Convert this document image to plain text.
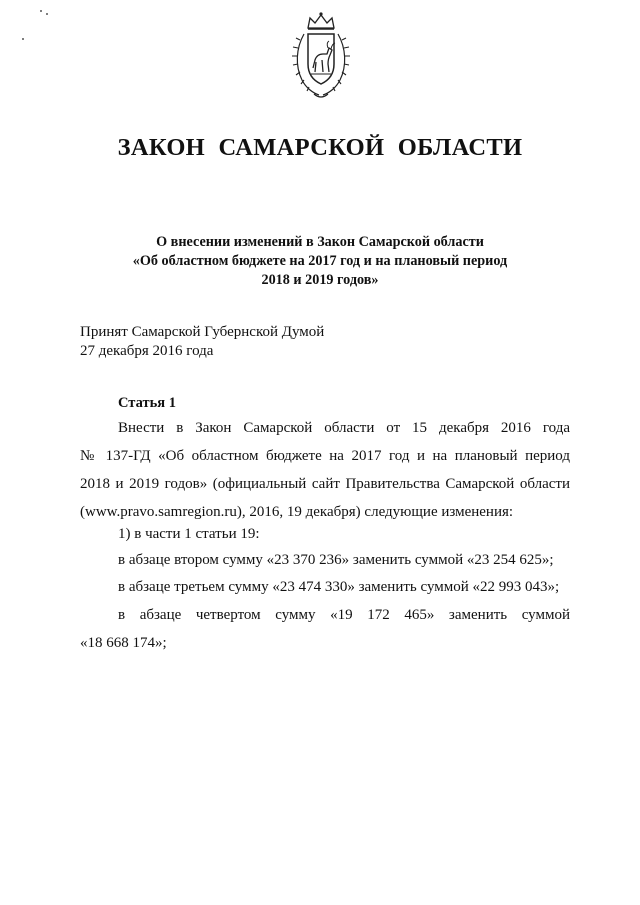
ЗАКОН САМАРСКОЙ ОБЛАСТИ
О внесении изменений в Закон Самарской области
«Об областном бюджете на 2017 год и на плановый период
2018 и 2019 годов»
Принят Самарской Губернской Думой
27 декабря 2016 года
Статья 1
Внести в Закон Самарской области от 15 декабря 2016 года
№ 137-ГД «Об областном бюджете на 2017 год и на плановый период
2018 и 2019 годов» (официальный сайт Правительства Самарской области
(www.pravo.samregion.ru), 2016, 19 декабря) следующие изменения:
1) в части 1 статьи 19:
в абзаце втором сумму «23 370 236» заменить суммой «23 254 625»;
в абзаце третьем сумму «23 474 330» заменить суммой «22 993 043»;
в абзаце четвертом сумму «19 172 465» заменить суммой
«18 668 174»;
